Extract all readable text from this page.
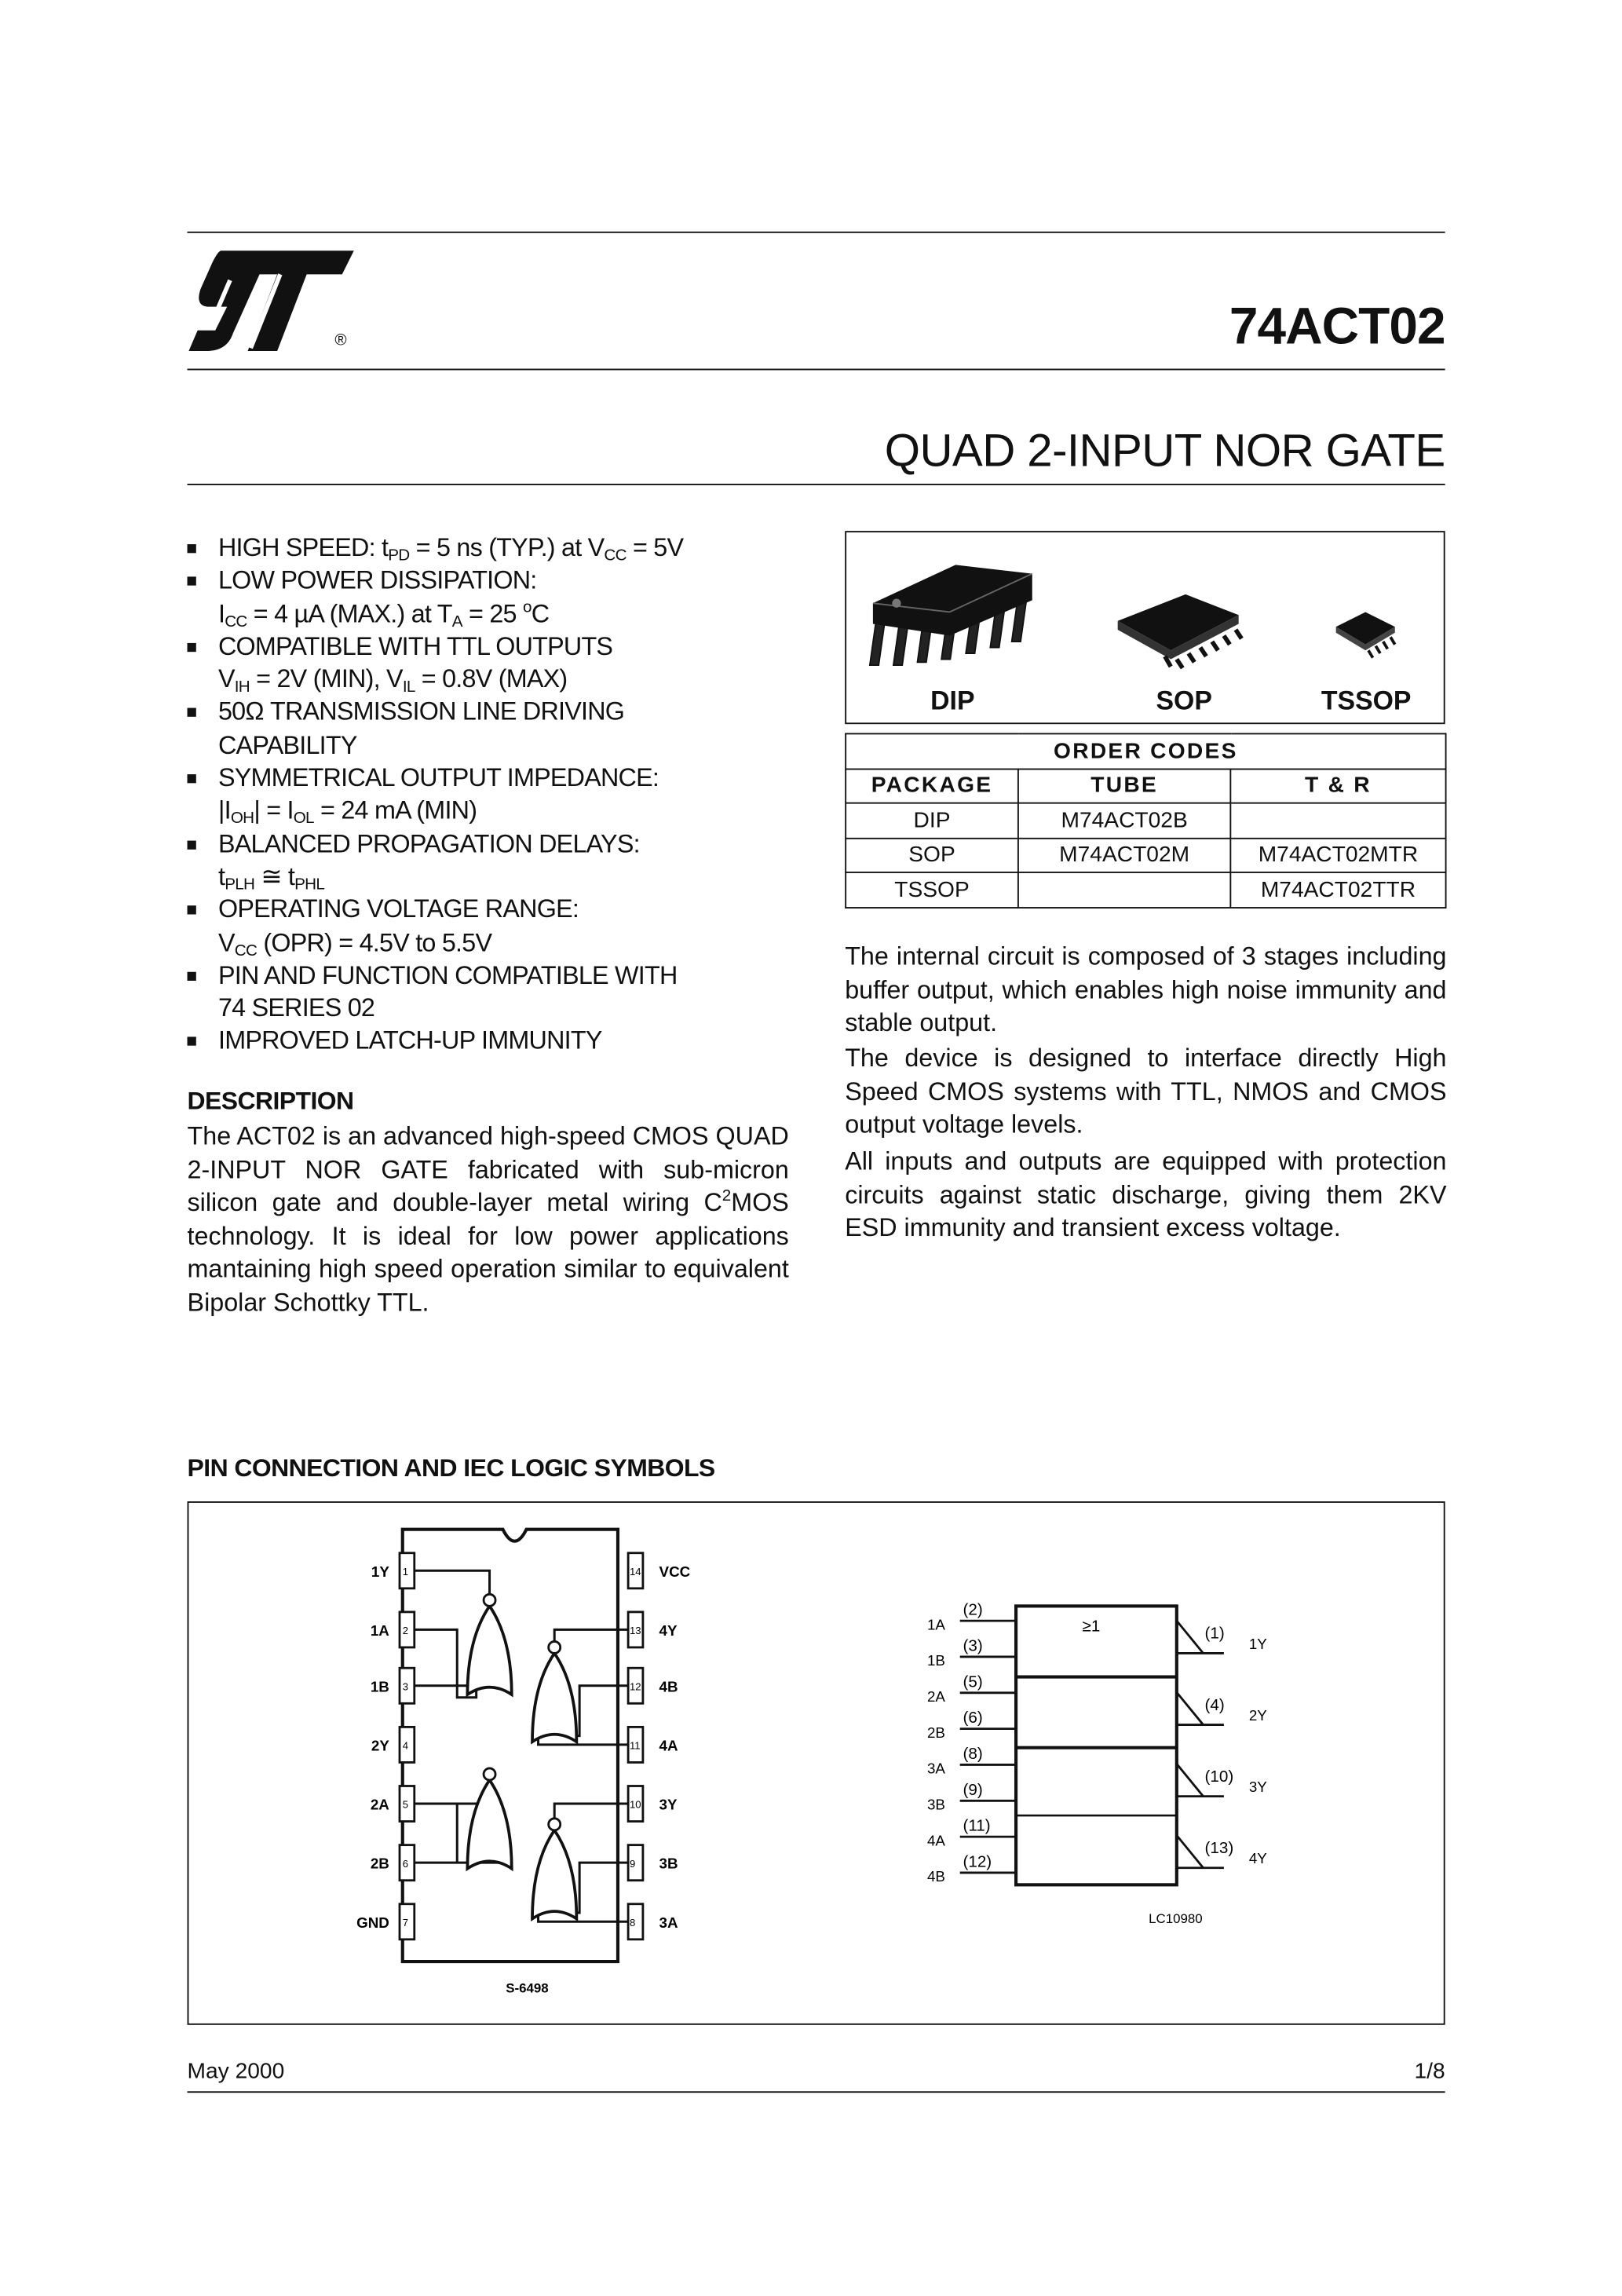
®	74ACT02
QUAD 2-INPUT NOR GATE
HIGH SPEED: $t_{PD} = 5$ ns (TYP.) at $V_{CC} = 5V$
LOW POWER DISSIPATION:
$I_{CC} = 4$ µA (MAX.) at $T_A = 25$ $^o$C
COMPATIBLE WITH TTL OUTPUTS
$V_{IH} = 2V$ (MIN), $V_{IL} = 0.8V$ (MAX)
50Ω TRANSMISSION LINE DRIVING
CAPABILITY
SYMMETRICAL OUTPUT IMPEDANCE:
$|I_{OH}| = I_{OL} = 24$ mA (MIN)
BALANCED PROPAGATION DELAYS:
$t_{PLH}$ ≅ $t_{PHL}$
OPERATING VOLTAGE RANGE:
$V_{CC}$ (OPR) = 4.5V to 5.5V
PIN AND FUNCTION COMPATIBLE WITH
74 SERIES 02
IMPROVED LATCH-UP IMMUNITY
DESCRIPTION
The ACT02 is an advanced high-speed CMOS QUAD 2-INPUT NOR GATE fabricated with sub-micron silicon gate and double-layer metal wiring $C^2MOS$ technology. It is ideal for low power applications mantaining high speed operation similar to equivalent Bipolar Schottky TTL.
DIP	SOP	TSSOP
ORDER CODES		
PACKAGE	TUBE	T & R
DIP	M74ACT02B	
SOP	M74ACT02M	M74ACT02MTR
TSSOP		M74ACT02TTR
The internal circuit is composed of 3 stages including buffer output, which enables high noise immunity and stable output.
The device is designed to interface directly High Speed CMOS systems with TTL, NMOS and CMOS output voltage levels.
All inputs and outputs are equipped with protection circuits against static discharge, giving them 2KV ESD immunity and transient excess voltage.
PIN CONNECTION AND IEC LOGIC SYMBOLS
1
1Y
2
1A
3
1B
4
2Y
5
2A
6
2B
7
GND
14 VCC
13 4Y
12 4B
11 4A
10 3Y
9	3B
8	3A
≥1
(2)
1A
(3)
1B
(5)
2A
(6)
2B
(8)
3A
(9)
3B
(11)
4A
(12)
4B
(1)
1Y
(4)
2Y
(10)
3Y
(13)
4Y
S-6498
LC10980
May 2000	1/8
